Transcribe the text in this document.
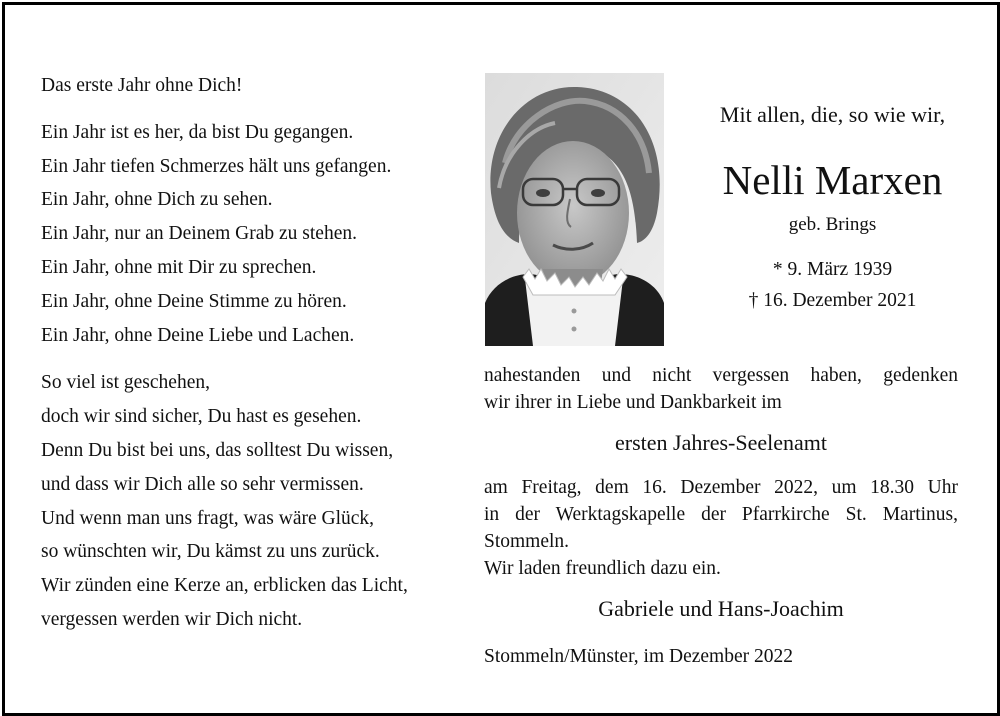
Das erste Jahr ohne Dich!
Ein Jahr ist es her, da bist Du gegangen.
Ein Jahr tiefen Schmerzes hält uns gefangen.
Ein Jahr, ohne Dich zu sehen.
Ein Jahr, nur an Deinem Grab zu stehen.
Ein Jahr, ohne mit Dir zu sprechen.
Ein Jahr, ohne Deine Stimme zu hören.
Ein Jahr, ohne Deine Liebe und Lachen.
So viel ist geschehen,
doch wir sind sicher, Du hast es gesehen.
Denn Du bist bei uns, das solltest Du wissen,
und dass wir Dich alle so sehr vermissen.
Und wenn man uns fragt, was wäre Glück,
so wünschten wir, Du kämst zu uns zurück.
Wir zünden eine Kerze an, erblicken das Licht,
vergessen werden wir Dich nicht.
Mit allen, die, so wie wir,
Nelli Marxen
geb. Brings
* 9. März 1939
† 16. Dezember 2021
nahestanden und nicht vergessen haben, gedenken
wir ihrer in Liebe und Dankbarkeit im
ersten Jahres-Seelenamt
am Freitag, dem 16. Dezember 2022, um 18.30 Uhr
in der Werktagskapelle der Pfarrkirche St. Martinus,
Stommeln.
Wir laden freundlich dazu ein.
Gabriele und Hans-Joachim
Stommeln/Münster, im Dezember 2022
